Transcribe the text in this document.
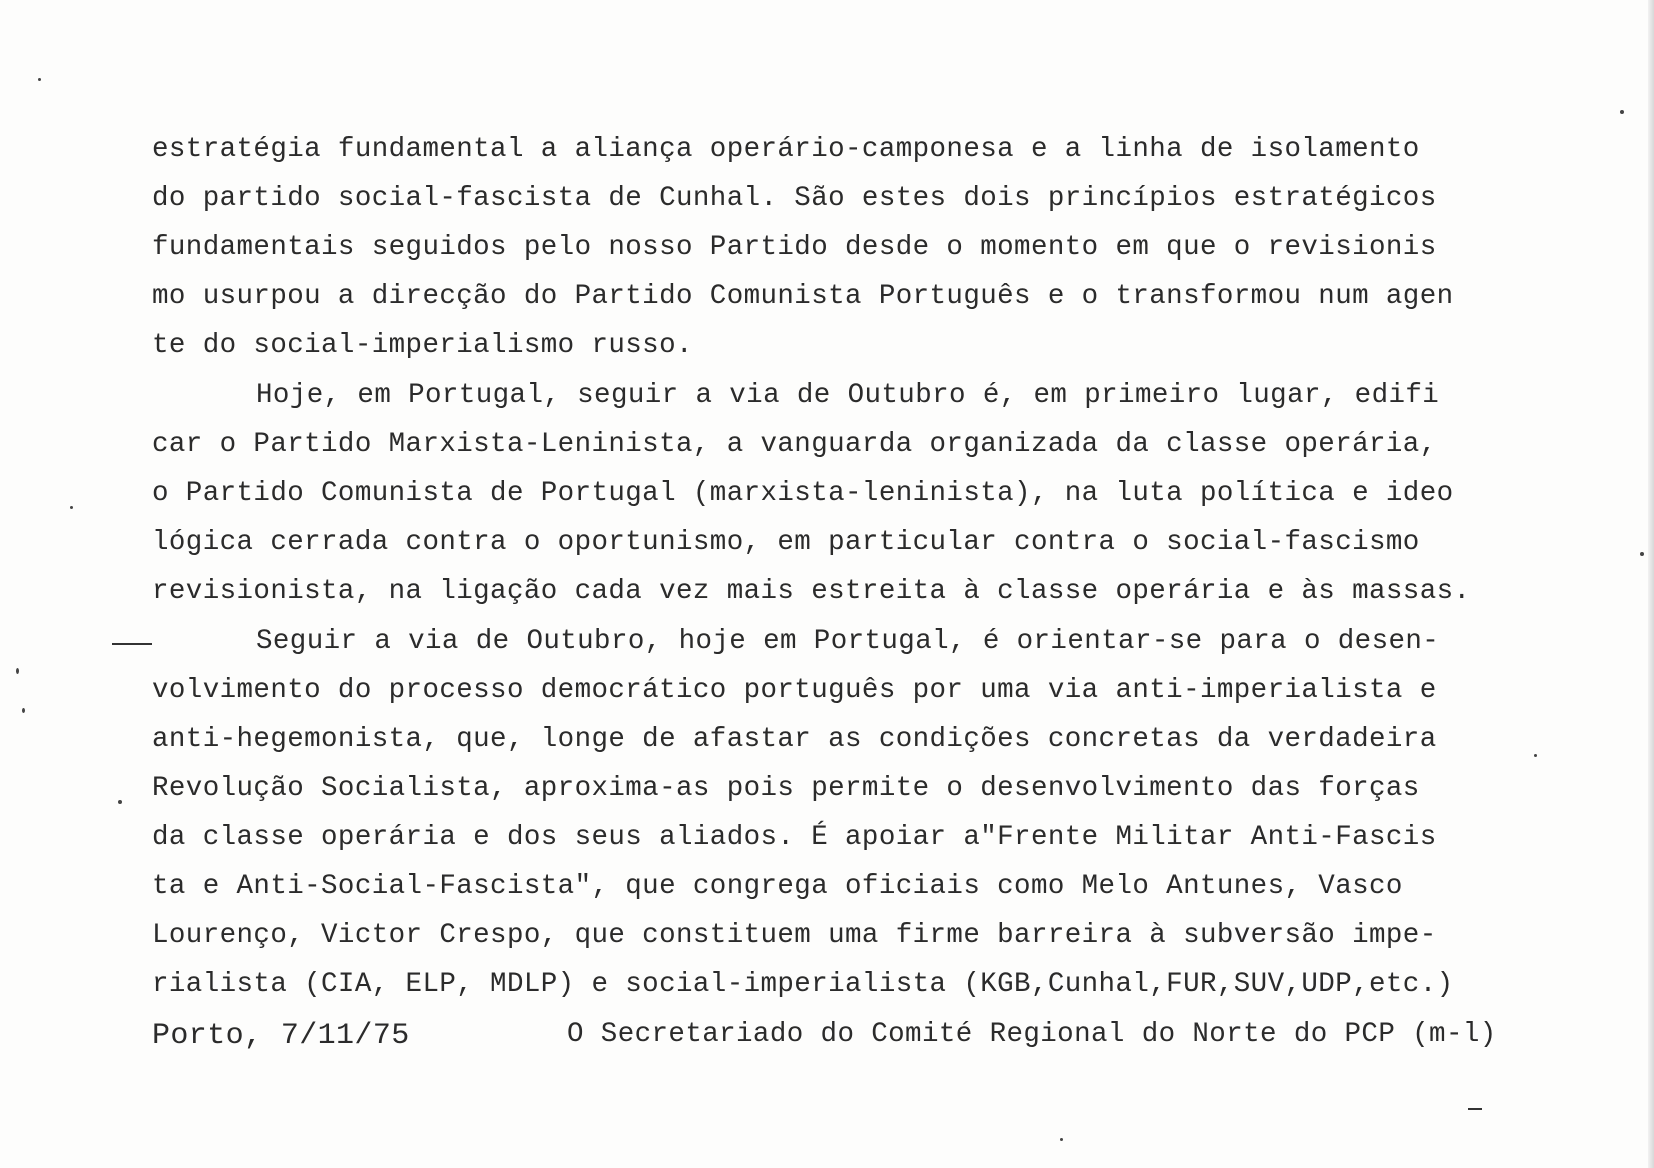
estratégia fundamental a aliança operário-camponesa e a linha de isolamento
do partido social-fascista de Cunhal. São estes dois princípios estratégicos
fundamentais seguidos pelo nosso Partido desde o momento em que o revisionis
mo usurpou a direcção do Partido Comunista Português e o transformou num agen
te do social-imperialismo russo.
Hoje, em Portugal, seguir a via de Outubro é, em primeiro lugar, edifi
car o Partido Marxista-Leninista, a vanguarda organizada da classe operária,
o Partido Comunista de Portugal (marxista-leninista), na luta política e ideo
lógica cerrada contra o oportunismo, em particular contra o social-fascismo
revisionista, na ligação cada vez mais estreita à classe operária e às massas.
Seguir a via de Outubro, hoje em Portugal, é orientar-se para o desen-
volvimento do processo democrático português por uma via anti-imperialista e
anti-hegemonista, que, longe de afastar as condições concretas da verdadeira
Revolução Socialista, aproxima-as pois permite o desenvolvimento das forças
da classe operária e dos seus aliados. É apoiar a"Frente Militar Anti-Fascis
ta e Anti-Social-Fascista", que congrega oficiais como Melo Antunes, Vasco
Lourenço, Victor Crespo, que constituem uma firme barreira à subversão impe-
rialista (CIA, ELP, MDLP) e social-imperialista (KGB,Cunhal,FUR,SUV,UDP,etc.)
Porto, 7/11/75	O Secretariado do Comité Regional do Norte do PCP (m-l)
